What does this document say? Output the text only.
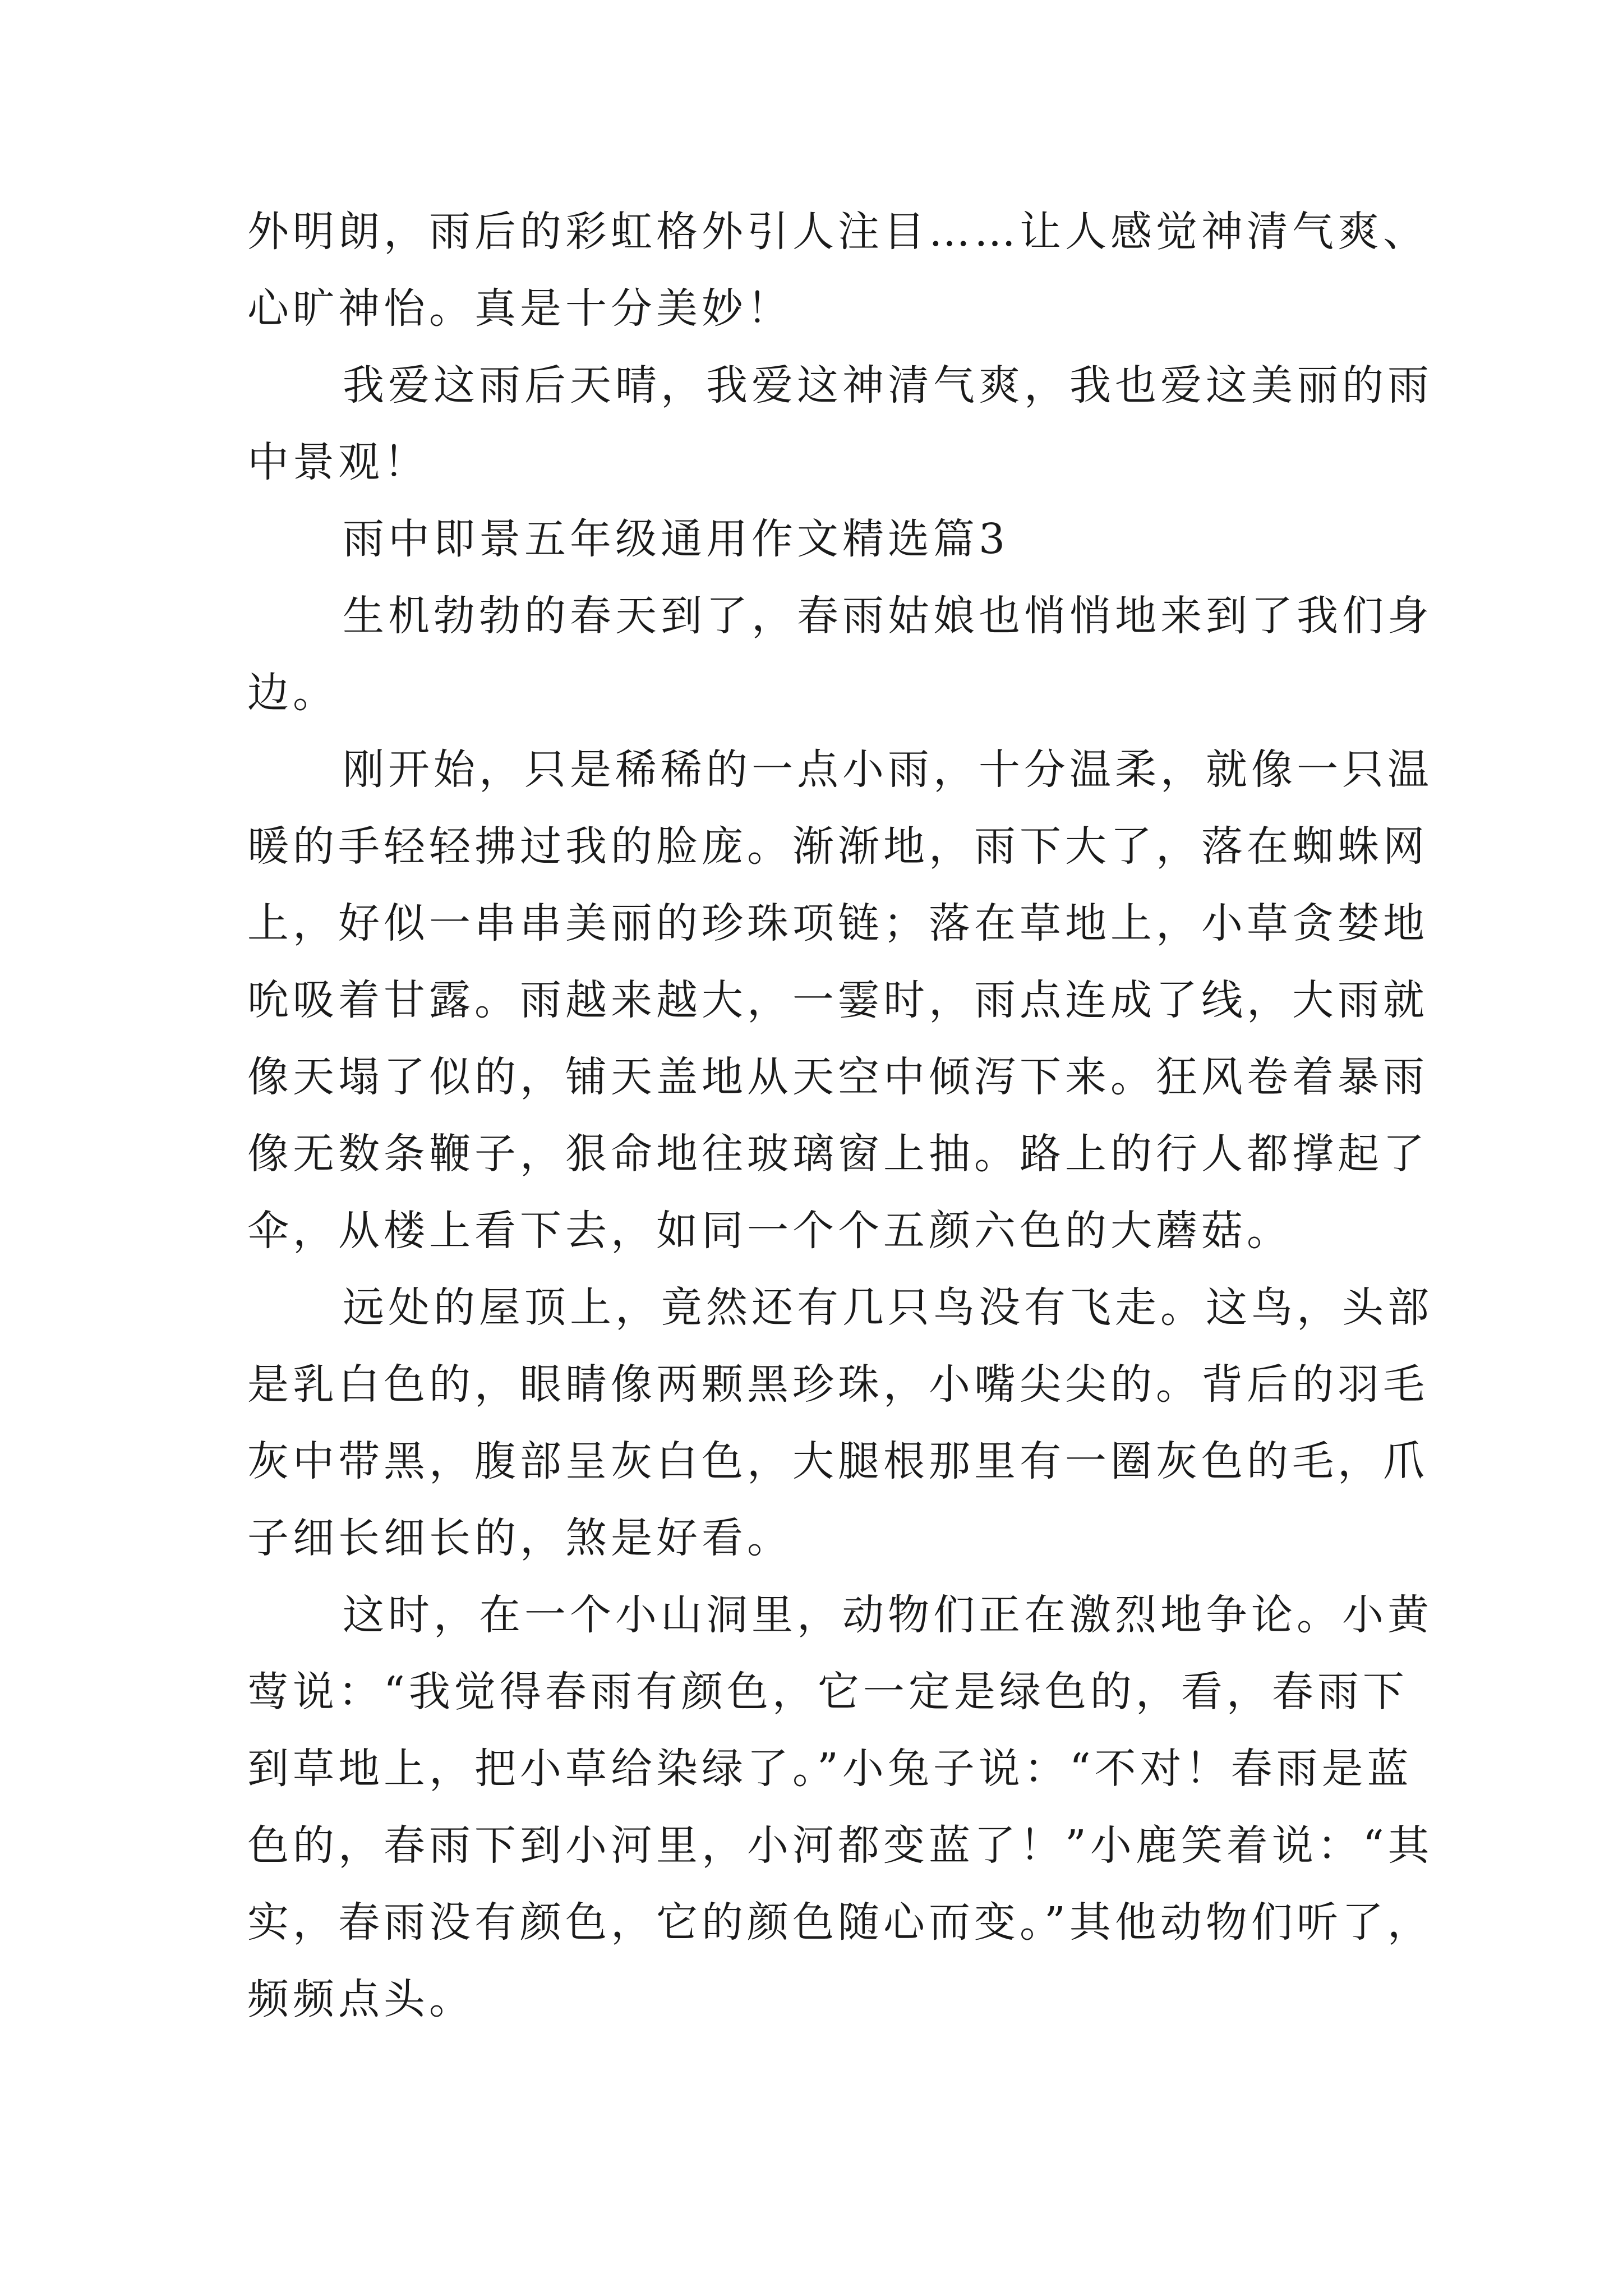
外明朗，雨后的彩虹格外引人注目……让人感觉神清气爽、
心旷神怡。真是十分美妙！
我爱这雨后天晴，我爱这神清气爽，我也爱这美丽的雨
中景观！
雨中即景五年级通用作文精选篇3
生机勃勃的春天到了，春雨姑娘也悄悄地来到了我们身
边。
刚开始，只是稀稀的一点小雨，十分温柔，就像一只温
暖的手轻轻拂过我的脸庞。渐渐地，雨下大了，落在蜘蛛网
上，好似一串串美丽的珍珠项链；落在草地上，小草贪婪地
吮吸着甘露。雨越来越大，一霎时，雨点连成了线，大雨就
像天塌了似的，铺天盖地从天空中倾泻下来。狂风卷着暴雨
像无数条鞭子，狠命地往玻璃窗上抽。路上的行人都撑起了
伞，从楼上看下去，如同一个个五颜六色的大蘑菇。
远处的屋顶上，竟然还有几只鸟没有飞走。这鸟，头部
是乳白色的，眼睛像两颗黑珍珠，小嘴尖尖的。背后的羽毛
灰中带黑，腹部呈灰白色，大腿根那里有一圈灰色的毛，爪
子细长细长的，煞是好看。
这时，在一个小山洞里，动物们正在激烈地争论。小黄
莺说：“我觉得春雨有颜色，它一定是绿色的，看，春雨下
到草地上，把小草给染绿了。”小兔子说：“不对！春雨是蓝
色的，春雨下到小河里，小河都变蓝了！”小鹿笑着说：“其
实，春雨没有颜色，它的颜色随心而变。”其他动物们听了，
频频点头。
